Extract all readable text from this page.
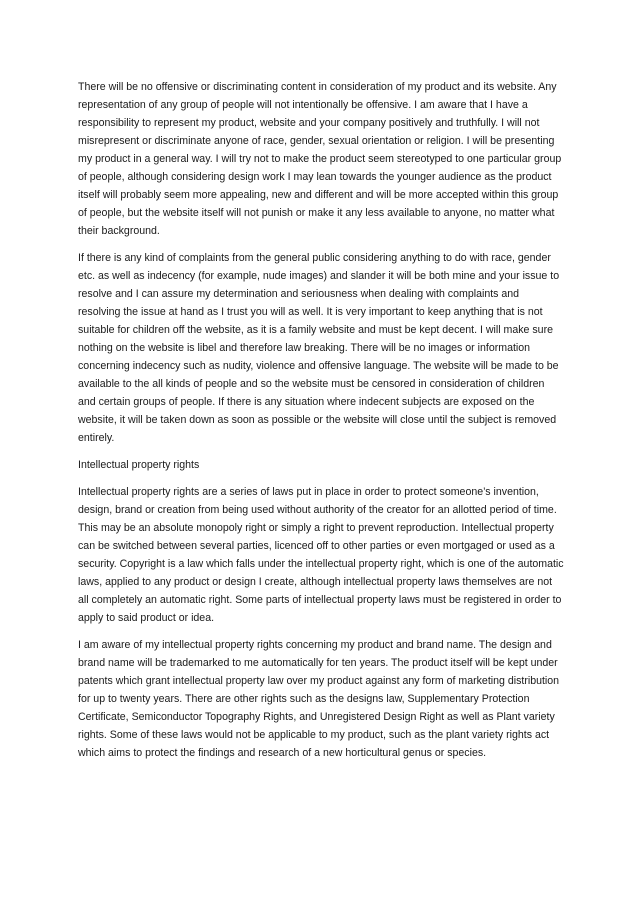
There will be no offensive or discriminating content in consideration of my product and its website. Any representation of any group of people will not intentionally be offensive. I am aware that I have a responsibility to represent my product, website and your company positively and truthfully. I will not misrepresent or discriminate anyone of race, gender, sexual orientation or religion. I will be presenting my product in a general way. I will try not to make the product seem stereotyped to one particular group of people, although considering design work I may lean towards the younger audience as the product itself will probably seem more appealing, new and different and will be more accepted within this group of people, but the website itself will not punish or make it any less available to anyone, no matter what their background.

If there is any kind of complaints from the general public considering anything to do with race, gender etc. as well as indecency (for example, nude images) and slander it will be both mine and your issue to resolve and I can assure my determination and seriousness when dealing with complaints and resolving the issue at hand as I trust you will as well. It is very important to keep anything that is not suitable for children off the website, as it is a family website and must be kept decent. I will make sure nothing on the website is libel and therefore law breaking. There will be no images or information concerning indecency such as nudity, violence and offensive language. The website will be made to be available to the all kinds of people and so the website must be censored in consideration of children and certain groups of people. If there is any situation where indecent subjects are exposed on the website, it will be taken down as soon as possible or the website will close until the subject is removed entirely.

Intellectual property rights

Intellectual property rights are a series of laws put in place in order to protect someone’s invention, design, brand or creation from being used without authority of the creator for an allotted period of time. This may be an absolute monopoly right or simply a right to prevent reproduction. Intellectual property can be switched between several parties, licenced off to other parties or even mortgaged or used as a security. Copyright is a law which falls under the intellectual property right, which is one of the automatic laws, applied to any product or design I create, although intellectual property laws themselves are not all completely an automatic right. Some parts of intellectual property laws must be registered in order to apply to said product or idea.

I am aware of my intellectual property rights concerning my product and brand name. The design and brand name will be trademarked to me automatically for ten years. The product itself will be kept under patents which grant intellectual property law over my product against any form of marketing distribution for up to twenty years. There are other rights such as the designs law, Supplementary Protection Certificate, Semiconductor Topography Rights, and Unregistered Design Right as well as Plant variety rights. Some of these laws would not be applicable to my product, such as the plant variety rights act which aims to protect the findings and research of a new horticultural genus or species.
